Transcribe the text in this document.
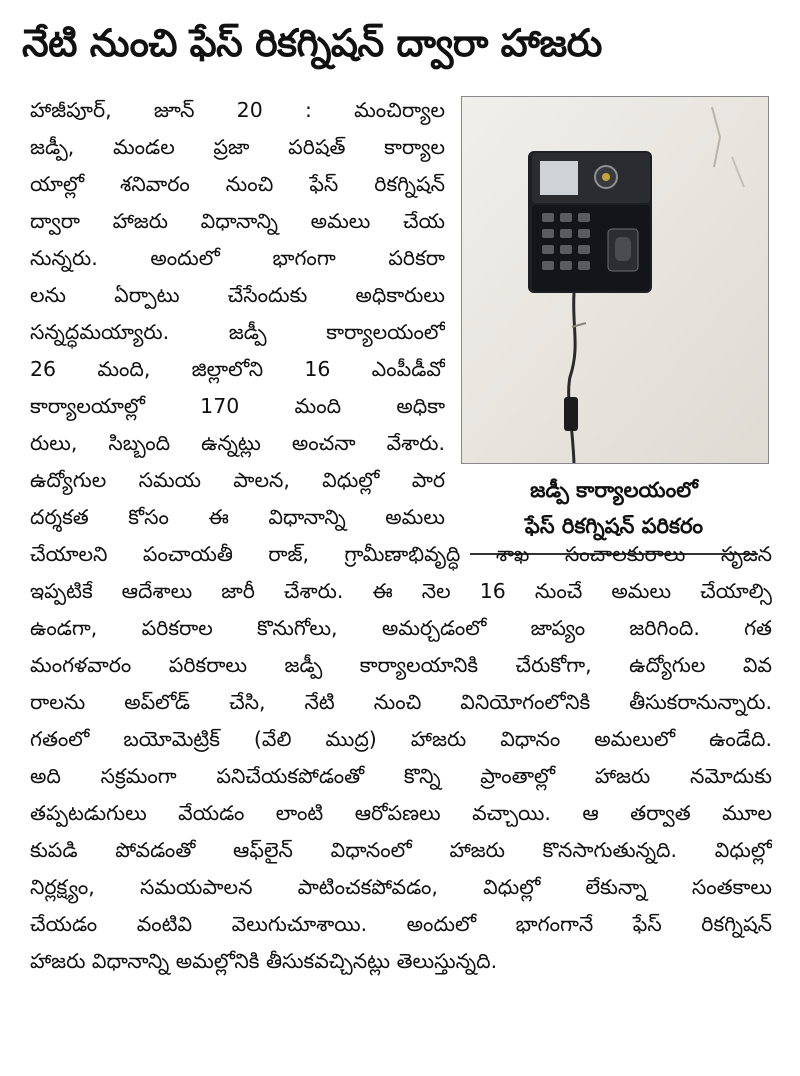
నేటి నుంచి ఫేస్ రికగ్నిషన్ ద్వారా హాజరు
జడ్పీ కార్యాలయంలో
ఫేస్ రికగ్నిషన్ పరికరం
హాజీపూర్, జూన్ 20 : మంచిర్యాల
జడ్పీ, మండల ప్రజా పరిషత్ కార్యాల
యాల్లో శనివారం నుంచి ఫేస్ రికగ్నిషన్
ద్వారా హాజరు విధానాన్ని అమలు చేయ
నున్నరు. అందులో భాగంగా పరికరా
లను ఏర్పాటు చేసేందుకు అధికారులు
సన్నద్ధమయ్యారు. జడ్పీ కార్యాలయంలో
26 మంది, జిల్లాలోని 16 ఎంపీడీవో
కార్యాలయాల్లో 170 మంది అధికా
రులు, సిబ్బంది ఉన్నట్లు అంచనా వేశారు.
ఉద్యోగుల సమయ పాలన, విధుల్లో పార
దర్శకత కోసం ఈ విధానాన్ని అమలు
చేయాలని పంచాయతీ రాజ్, గ్రామీణాభివృద్ధి శాఖ సంచాలకురాలు సృజన
ఇప్పటికే ఆదేశాలు జారీ చేశారు. ఈ నెల 16 నుంచే అమలు చేయాల్సి
ఉండగా, పరికరాల కొనుగోలు, అమర్చడంలో జాప్యం జరిగింది. గత
మంగళవారం పరికరాలు జడ్పీ కార్యాలయానికి చేరుకోగా, ఉద్యోగుల వివ
రాలను అప్‌లోడ్ చేసి, నేటి నుంచి వినియోగంలోనికి తీసుకరానున్నారు.
గతంలో బయోమెట్రిక్ (వేలి ముద్ర) హాజరు విధానం అమలులో ఉండేది.
అది సక్రమంగా పనిచేయకపోడంతో కొన్ని ప్రాంతాల్లో హాజరు నమోదుకు
తప్పటడుగులు వేయడం లాంటి ఆరోపణలు వచ్చాయి. ఆ తర్వాత మూల
కుపడి పోవడంతో ఆఫ్‌లైన్ విధానంలో హాజరు కొనసాగుతున్నది. విధుల్లో
నిర్లక్ష్యం, సమయపాలన పాటించకపోవడం, విధుల్లో లేకున్నా సంతకాలు
చేయడం వంటివి వెలుగుచూశాయి. అందులో భాగంగానే ఫేస్ రికగ్నిషన్
హాజరు విధానాన్ని అమల్లోనికి తీసుకవచ్చినట్లు తెలుస్తున్నది.
